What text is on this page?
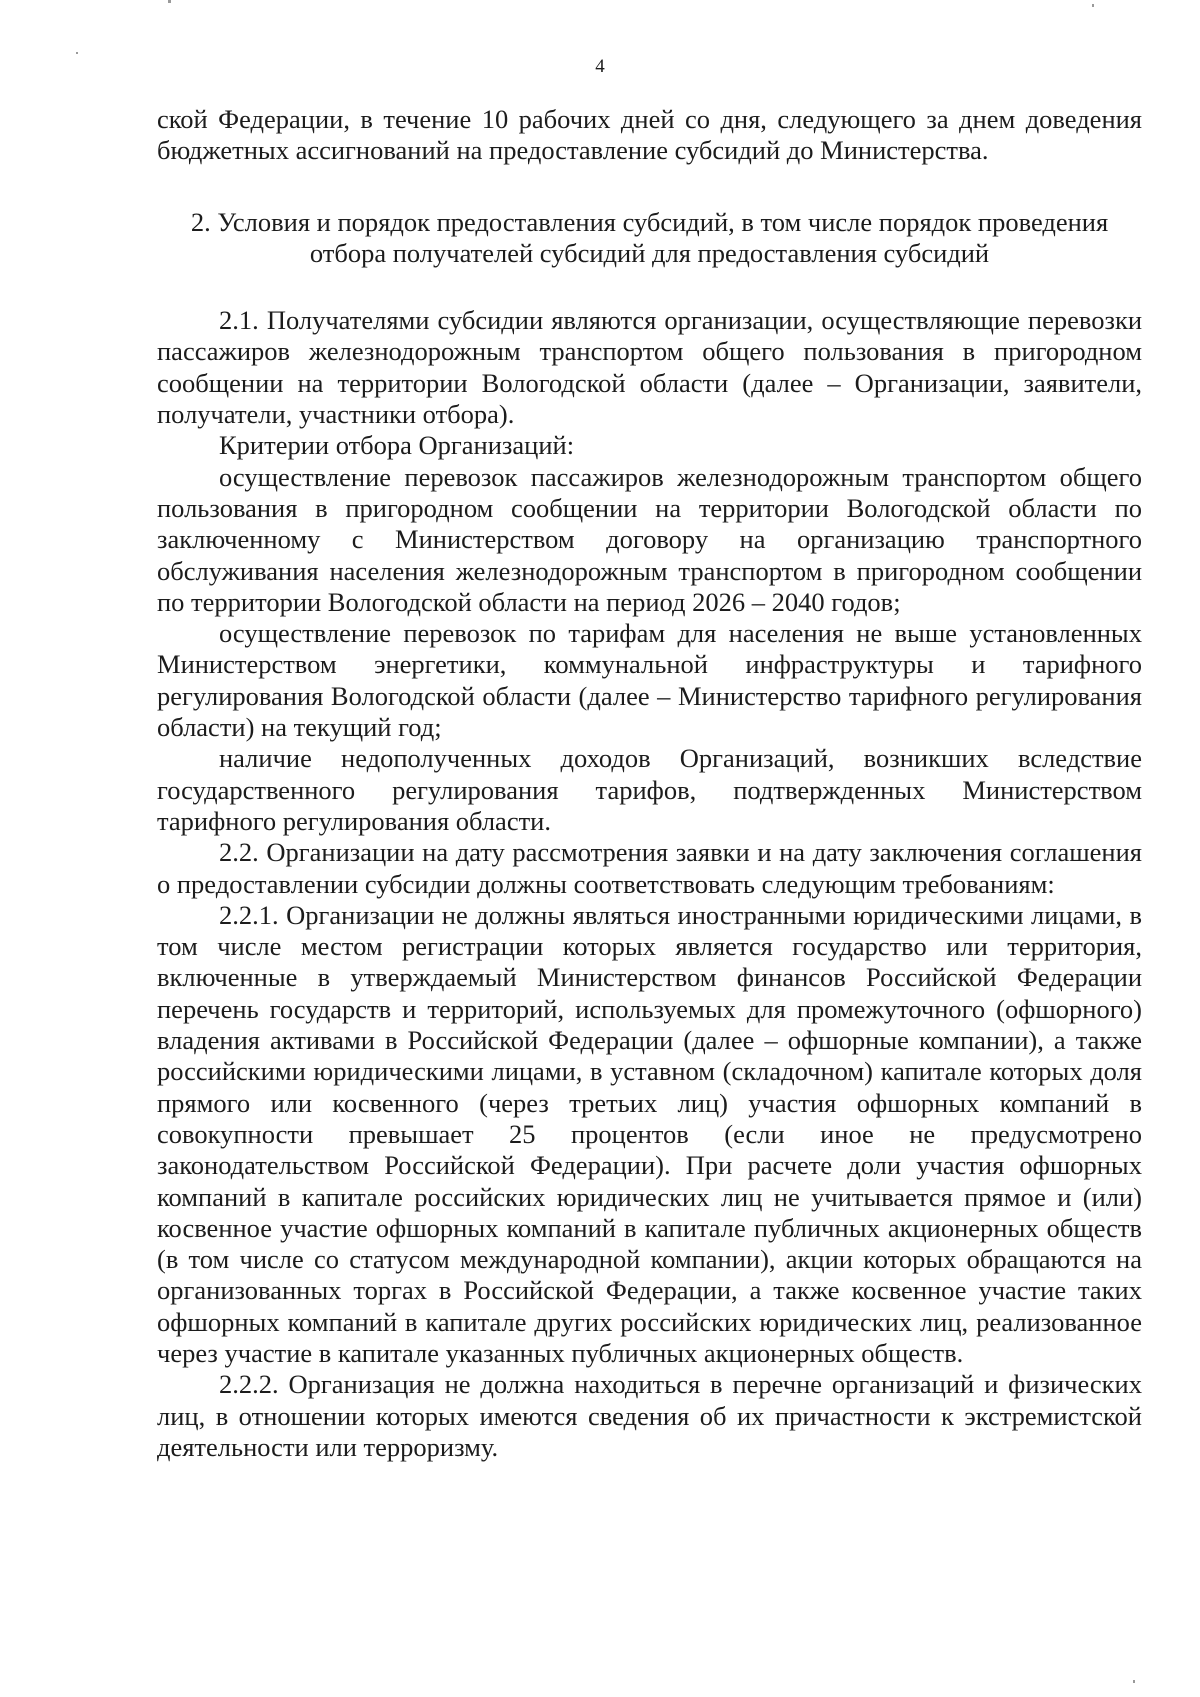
4

ской Федерации, в течение 10 рабочих дней со дня, следующего за днем доведения бюджетных ассигнований на предоставление субсидий до Министерства.

2. Условия и порядок предоставления субсидий, в том числе порядок проведения
отбора получателей субсидий для предоставления субсидий

2.1. Получателями субсидии являются организации, осуществляющие перевозки пассажиров железнодорожным транспортом общего пользования в пригородном сообщении на территории Вологодской области (далее – Организации, заявители, получатели, участники отбора).

Критерии отбора Организаций:

осуществление перевозок пассажиров железнодорожным транспортом общего пользования в пригородном сообщении на территории Вологодской области по заключенному с Министерством договору на организацию транспортного обслуживания населения железнодорожным транспортом в пригородном сообщении по территории Вологодской области на период 2026 – 2040 годов;

осуществление перевозок по тарифам для населения не выше установленных Министерством энергетики, коммунальной инфраструктуры и тарифного регулирования Вологодской области (далее – Министерство тарифного регулирования области) на текущий год;

наличие недополученных доходов Организаций, возникших вследствие государственного регулирования тарифов, подтвержденных Министерством тарифного регулирования области.

2.2. Организации на дату рассмотрения заявки и на дату заключения соглашения о предоставлении субсидии должны соответствовать следующим требованиям:

2.2.1. Организации не должны являться иностранными юридическими лицами, в том числе местом регистрации которых является государство или территория, включенные в утверждаемый Министерством финансов Российской Федерации перечень государств и территорий, используемых для промежуточного (офшорного) владения активами в Российской Федерации (далее – офшорные компании), а также российскими юридическими лицами, в уставном (складочном) капитале которых доля прямого или косвенного (через третьих лиц) участия офшорных компаний в совокупности превышает 25 процентов (если иное не предусмотрено законодательством Российской Федерации). При расчете доли участия офшорных компаний в капитале российских юридических лиц не учитывается прямое и (или) косвенное участие офшорных компаний в капитале публичных акционерных обществ (в том числе со статусом международной компании), акции которых обращаются на организованных торгах в Российской Федерации, а также косвенное участие таких офшорных компаний в капитале других российских юридических лиц, реализованное через участие в капитале указанных публичных акционерных обществ.

2.2.2. Организация не должна находиться в перечне организаций и физических лиц, в отношении которых имеются сведения об их причастности к экстремистской деятельности или терроризму.
